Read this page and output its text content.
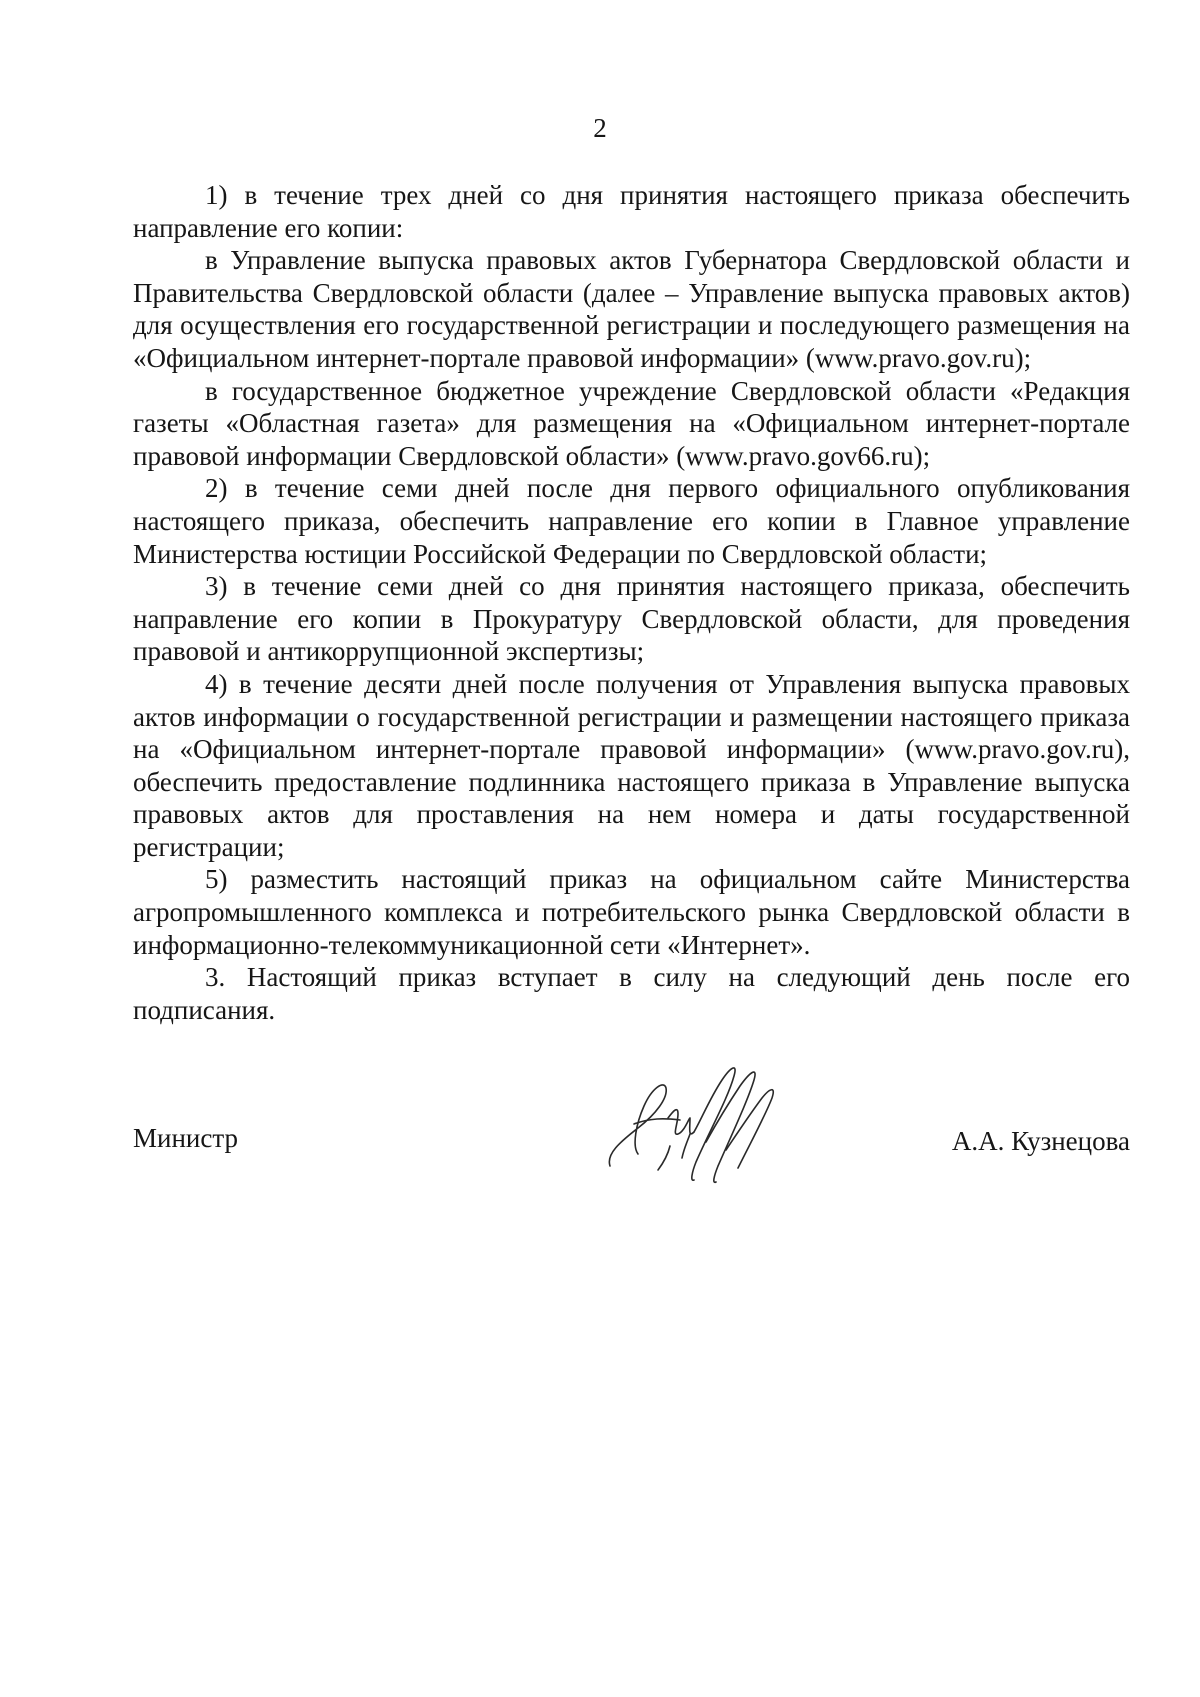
2

1) в течение трех дней со дня принятия настоящего приказа обеспечить направление его копии:

в Управление выпуска правовых актов Губернатора Свердловской области и Правительства Свердловской области (далее – Управление выпуска правовых актов) для осуществления его государственной регистрации и последующего размещения на «Официальном интернет-портале правовой информации» (www.pravo.gov.ru);

в государственное бюджетное учреждение Свердловской области «Редакция газеты «Областная газета» для размещения на «Официальном интернет-портале правовой информации Свердловской области» (www.pravo.gov66.ru);

2) в течение семи дней после дня первого официального опубликования настоящего приказа, обеспечить направление его копии в Главное управление Министерства юстиции Российской Федерации по Свердловской области;

3) в течение семи дней со дня принятия настоящего приказа, обеспечить направление его копии в Прокуратуру Свердловской области, для проведения правовой и антикоррупционной экспертизы;

4) в течение десяти дней после получения от Управления выпуска правовых актов информации о государственной регистрации и размещении настоящего приказа на «Официальном интернет-портале правовой информации» (www.pravo.gov.ru), обеспечить предоставление подлинника настоящего приказа в Управление выпуска правовых актов для проставления на нем номера и даты государственной регистрации;

5) разместить настоящий приказ на официальном сайте Министерства агропромышленного комплекса и потребительского рынка Свердловской области в информационно-телекоммуникационной сети «Интернет».

3. Настоящий приказ вступает в силу на следующий день после его подписания.

Министр	А.А. Кузнецова
